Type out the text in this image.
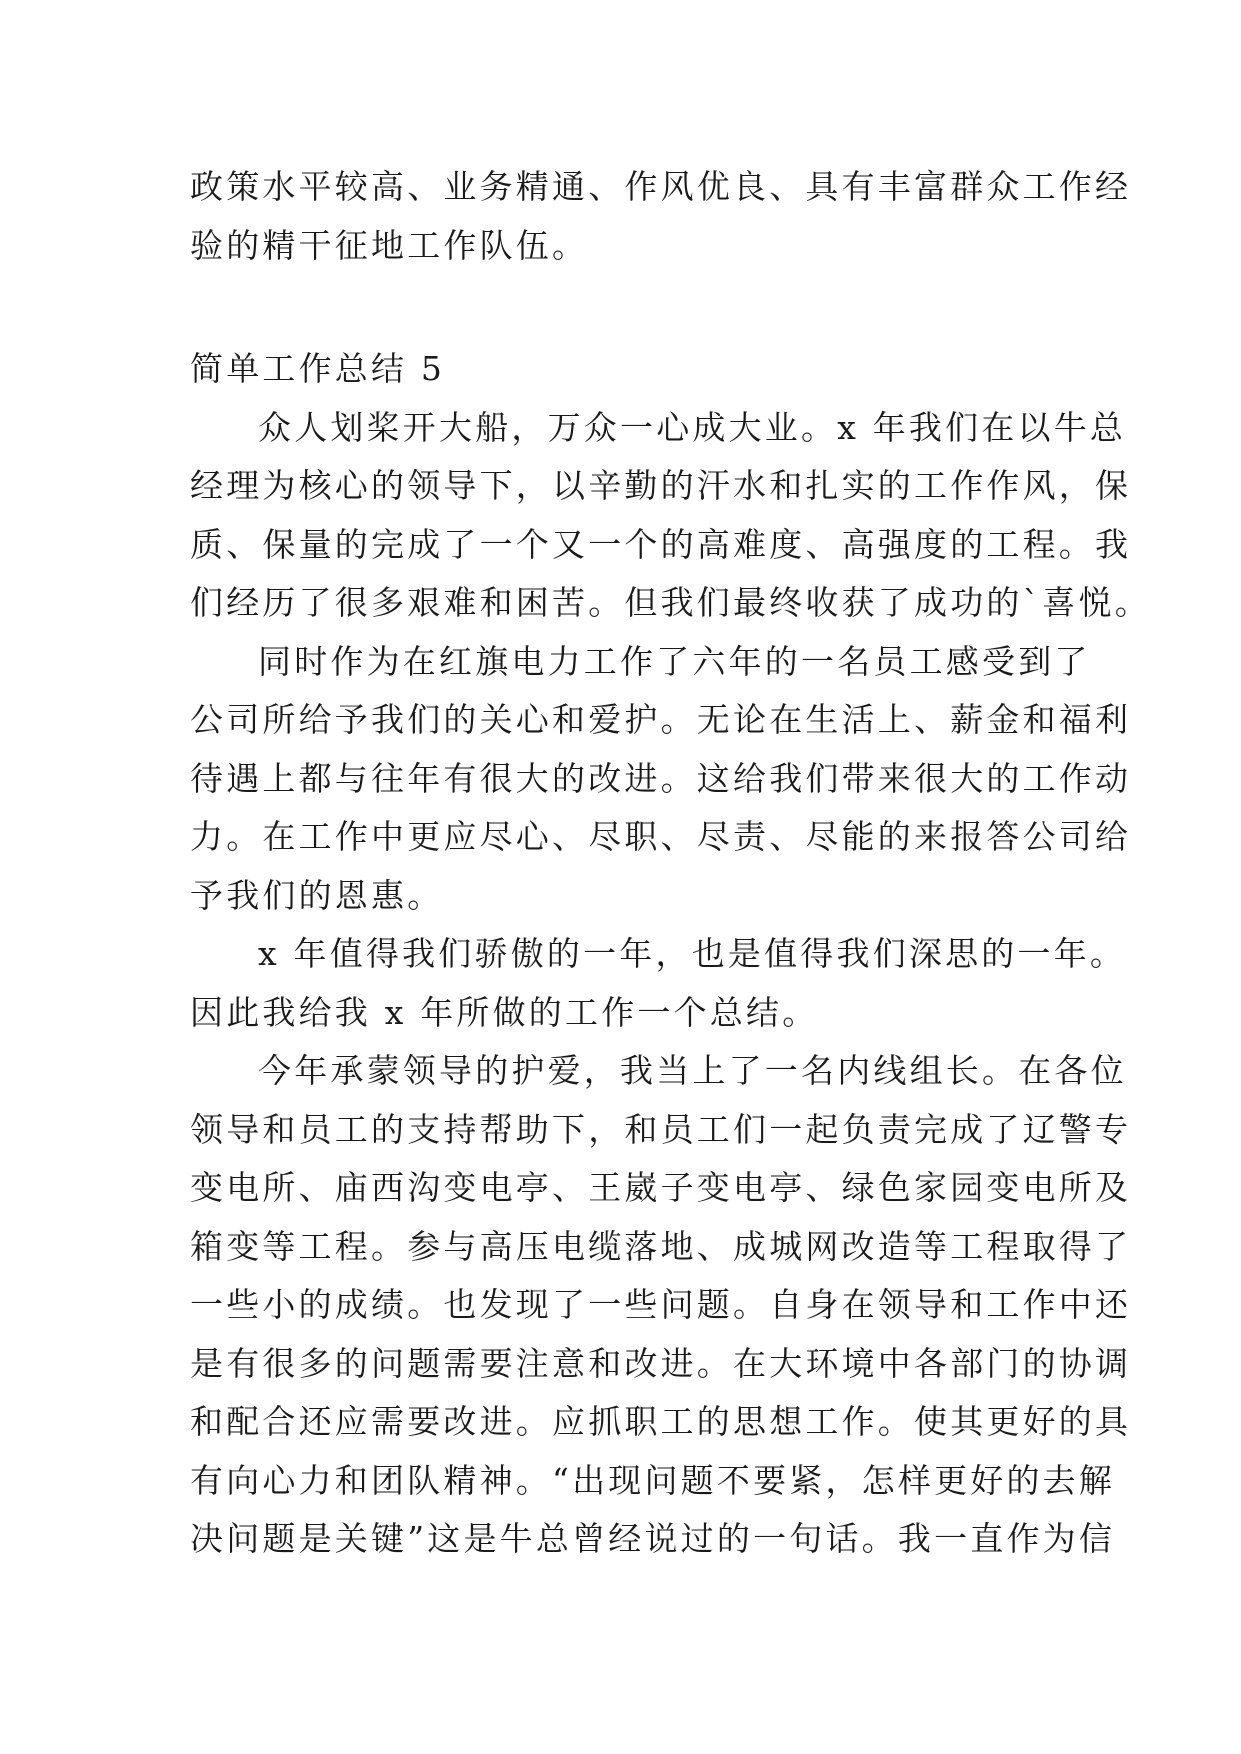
政策水平较高、业务精通、作风优良、具有丰富群众工作经
验的精干征地工作队伍。
简单工作总结 5
众人划桨开大船，万众一心成大业。x 年我们在以牛总
经理为核心的领导下，以辛勤的汗水和扎实的工作作风，保
质、保量的完成了一个又一个的高难度、高强度的工程。我
们经历了很多艰难和困苦。但我们最终收获了成功的`喜悦。
同时作为在红旗电力工作了六年的一名员工感受到了
公司所给予我们的关心和爱护。无论在生活上、薪金和福利
待遇上都与往年有很大的改进。这给我们带来很大的工作动
力。在工作中更应尽心、尽职、尽责、尽能的来报答公司给
予我们的恩惠。
x 年值得我们骄傲的一年，也是值得我们深思的一年。
因此我给我 x 年所做的工作一个总结。
今年承蒙领导的护爱，我当上了一名内线组长。在各位
领导和员工的支持帮助下，和员工们一起负责完成了辽警专
变电所、庙西沟变电亭、王崴子变电亭、绿色家园变电所及
箱变等工程。参与高压电缆落地、成城网改造等工程取得了
一些小的成绩。也发现了一些问题。自身在领导和工作中还
是有很多的问题需要注意和改进。在大环境中各部门的协调
和配合还应需要改进。应抓职工的思想工作。使其更好的具
有向心力和团队精神。“出现问题不要紧，怎样更好的去解
决问题是关键”这是牛总曾经说过的一句话。我一直作为信
